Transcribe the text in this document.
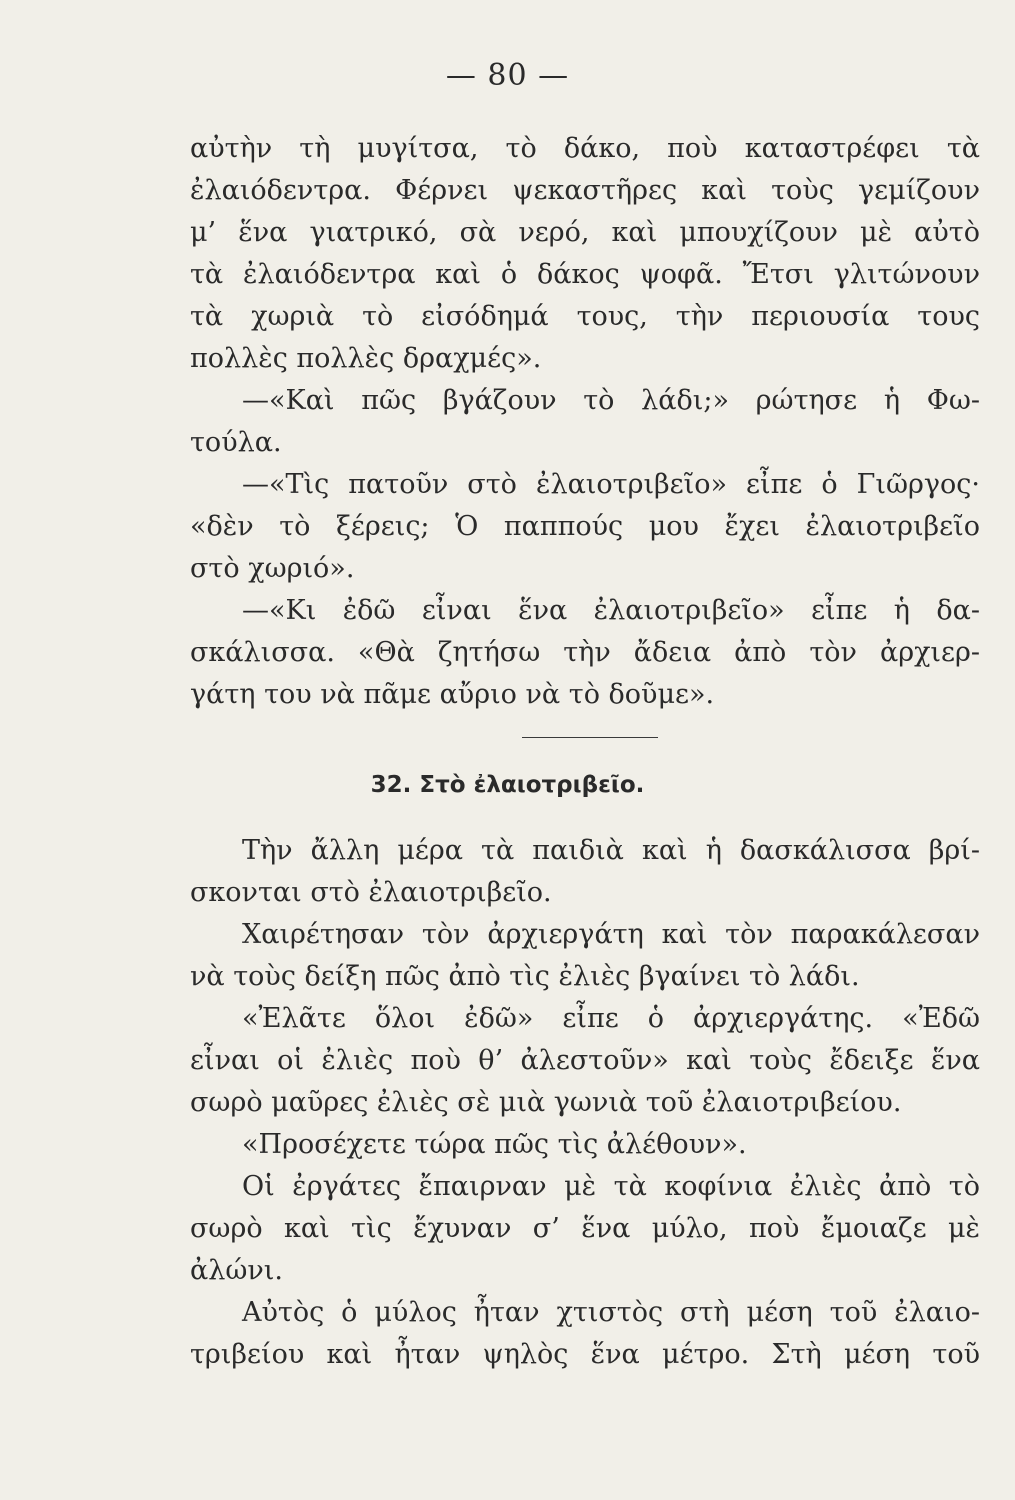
— 80 —
αὐτὴν τὴ μυγίτσα, τὸ δάκο, ποὺ καταστρέφει τὰ
ἐλαιόδεντρα. Φέρνει ψεκαστῆρες καὶ τοὺς γεμίζουν
μ’ ἕνα γιατρικό, σὰ νερό, καὶ μπουχίζουν μὲ αὐτὸ
τὰ ἐλαιόδεντρα καὶ ὁ δάκος ψοφᾶ. Ἔτσι γλιτώνουν
τὰ χωριὰ τὸ εἰσόδημά τους, τὴν περιουσία τους
πολλὲς πολλὲς δραχμές».
—«Καὶ πῶς βγάζουν τὸ λάδι;» ρώτησε ἡ Φω-
τούλα.
—«Τὶς πατοῦν στὸ ἐλαιοτριβεῖο» εἶπε ὁ Γιῶργος·
«δὲν τὸ ξέρεις; Ὁ παππούς μου ἔχει ἐλαιοτριβεῖο
στὸ χωριό».
—«Κι ἐδῶ εἶναι ἕνα ἐλαιοτριβεῖο» εἶπε ἡ δα-
σκάλισσα. «Θὰ ζητήσω τὴν ἄδεια ἀπὸ τὸν ἀρχιερ-
γάτη του νὰ πᾶμε αὔριο νὰ τὸ δοῦμε».
32. Στὸ ἐλαιοτριβεῖο.
Τὴν ἄλλη μέρα τὰ παιδιὰ καὶ ἡ δασκάλισσα βρί-
σκονται στὸ ἐλαιοτριβεῖο.
Χαιρέτησαν τὸν ἀρχιεργάτη καὶ τὸν παρακάλεσαν
νὰ τοὺς δείξη πῶς ἀπὸ τὶς ἐλιὲς βγαίνει τὸ λάδι.
«Ἐλᾶτε ὅλοι ἐδῶ» εἶπε ὁ ἀρχιεργάτης. «Ἐδῶ
εἶναι οἱ ἐλιὲς ποὺ θ’ ἀλεστοῦν» καὶ τοὺς ἔδειξε ἕνα
σωρὸ μαῦρες ἐλιὲς σὲ μιὰ γωνιὰ τοῦ ἐλαιοτριβείου.
«Προσέχετε τώρα πῶς τὶς ἀλέθουν».
Οἱ ἐργάτες ἔπαιρναν μὲ τὰ κοφίνια ἐλιὲς ἀπὸ τὸ
σωρὸ καὶ τὶς ἔχυναν σ’ ἕνα μύλο, ποὺ ἔμοιαζε μὲ
ἀλώνι.
Αὐτὸς ὁ μύλος ἦταν χτιστὸς στὴ μέση τοῦ ἐλαιο-
τριβείου καὶ ἦταν ψηλὸς ἕνα μέτρο. Στὴ μέση τοῦ
